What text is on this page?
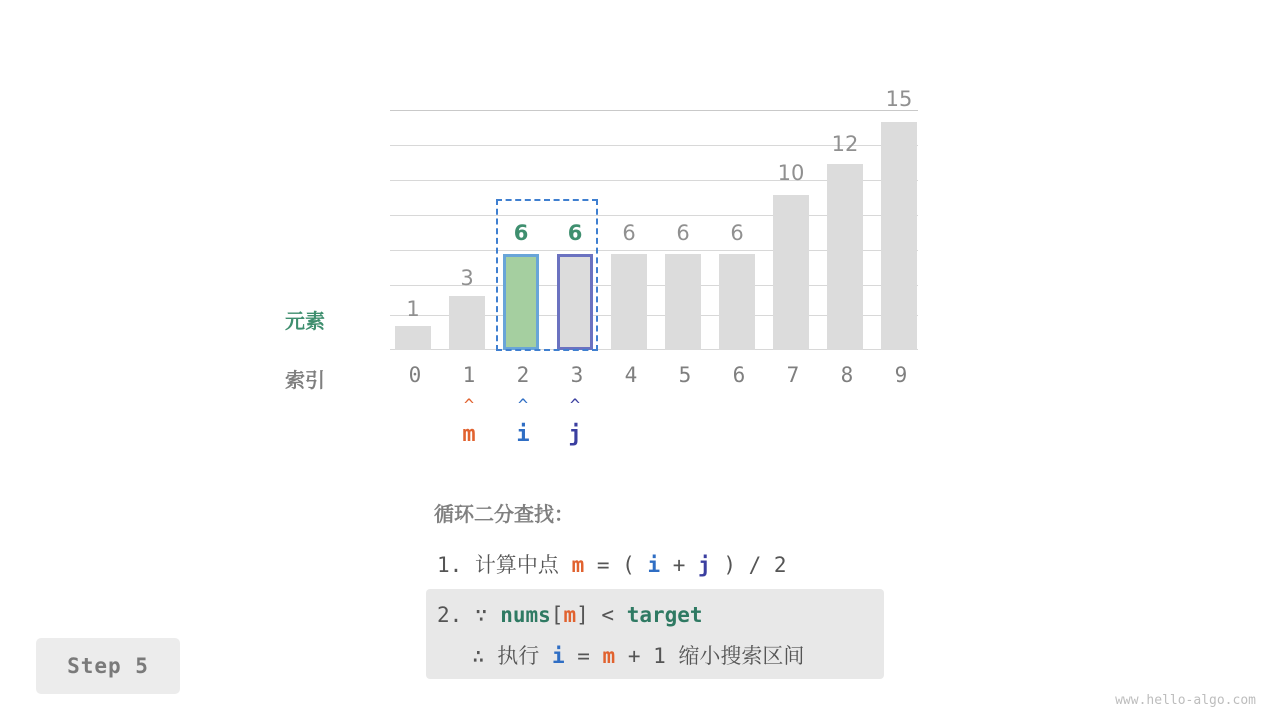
1
3
6	6	6	6	6
10
12
15
元素
索引	0	1	2	3	4	5	6	7	8	9
^	^	^
m	i	j
循环二分查找：
1. 计算中点 m = ( i + j ) / 2
2. ∵ nums[m] < target
∴ 执行 i = m + 1 缩小搜索区间
Step 5
www.hello-algo.com
